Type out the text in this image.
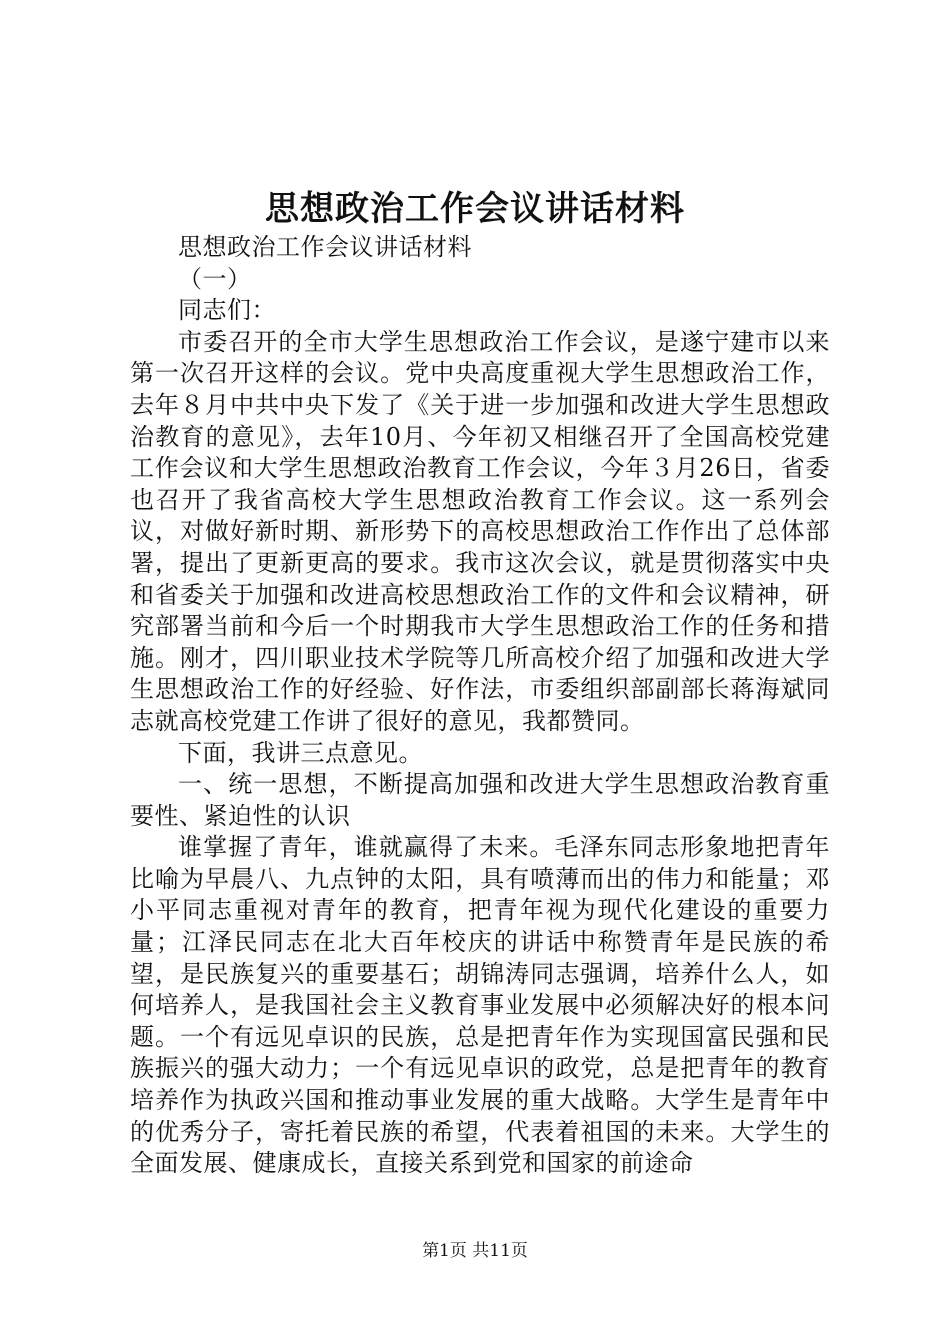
思想政治工作会议讲话材料

思想政治工作会议讲话材料

（一）

同志们：

市委召开的全市大学生思想政治工作会议，是遂宁建市以来第一次召开这样的会议。党中央高度重视大学生思想政治工作，去年８月中共中央下发了《关于进一步加强和改进大学生思想政治教育的意见》，去年10月、今年初又相继召开了全国高校党建工作会议和大学生思想政治教育工作会议，今年３月26日，省委也召开了我省高校大学生思想政治教育工作会议。这一系列会议，对做好新时期、新形势下的高校思想政治工作作出了总体部署，提出了更新更高的要求。我市这次会议，就是贯彻落实中央和省委关于加强和改进高校思想政治工作的文件和会议精神，研究部署当前和今后一个时期我市大学生思想政治工作的任务和措施。刚才，四川职业技术学院等几所高校介绍了加强和改进大学生思想政治工作的好经验、好作法，市委组织部副部长蒋海斌同志就高校党建工作讲了很好的意见，我都赞同。

下面，我讲三点意见。

一、统一思想，不断提高加强和改进大学生思想政治教育重要性、紧迫性的认识

谁掌握了青年，谁就赢得了未来。毛泽东同志形象地把青年比喻为早晨八、九点钟的太阳，具有喷薄而出的伟力和能量；邓小平同志重视对青年的教育，把青年视为现代化建设的重要力量；江泽民同志在北大百年校庆的讲话中称赞青年是民族的希望，是民族复兴的重要基石；胡锦涛同志强调，培养什么人，如何培养人，是我国社会主义教育事业发展中必须解决好的根本问题。一个有远见卓识的民族，总是把青年作为实现国富民强和民族振兴的强大动力；一个有远见卓识的政党，总是把青年的教育培养作为执政兴国和推动事业发展的重大战略。大学生是青年中的优秀分子，寄托着民族的希望，代表着祖国的未来。大学生的全面发展、健康成长，直接关系到党和国家的前途命

第1页 共11页
